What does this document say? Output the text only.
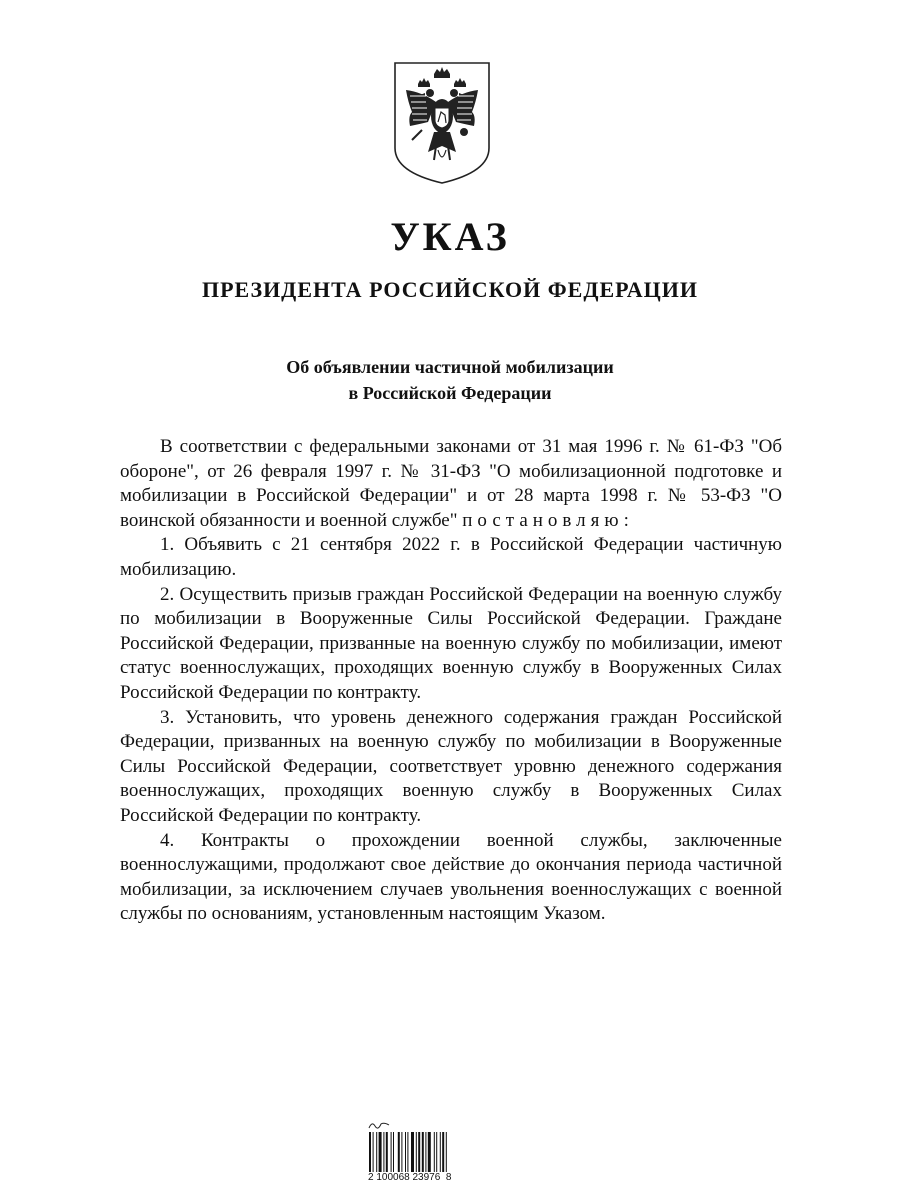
УКАЗ
ПРЕЗИДЕНТА РОССИЙСКОЙ ФЕДЕРАЦИИ
Об объявлении частичной мобилизации
в Российской Федерации

В соответствии с федеральными законами от 31 мая 1996 г. № 61-ФЗ "Об обороне", от 26 февраля 1997 г. № 31-ФЗ "О мобилизационной подготовке и мобилизации в Российской Федерации" и от 28 марта 1998 г. № 53-ФЗ "О воинской обязанности и военной службе" постановляю:

1. Объявить с 21 сентября 2022 г. в Российской Федерации частичную мобилизацию.

2. Осуществить призыв граждан Российской Федерации на военную службу по мобилизации в Вооруженные Силы Российской Федерации. Граждане Российской Федерации, призванные на военную службу по мобилизации, имеют статус военнослужащих, проходящих военную службу в Вооруженных Силах Российской Федерации по контракту.

3. Установить, что уровень денежного содержания граждан Российской Федерации, призванных на военную службу по мобилизации в Вооруженные Силы Российской Федерации, соответствует уровню денежного содержания военнослужащих, проходящих военную службу в Вооруженных Силах Российской Федерации по контракту.

4. Контракты о прохождении военной службы, заключенные военнослужащими, продолжают свое действие до окончания периода частичной мобилизации, за исключением случаев увольнения военнослужащих с военной службы по основаниям, установленным настоящим Указом.

2 100068 23976  8
